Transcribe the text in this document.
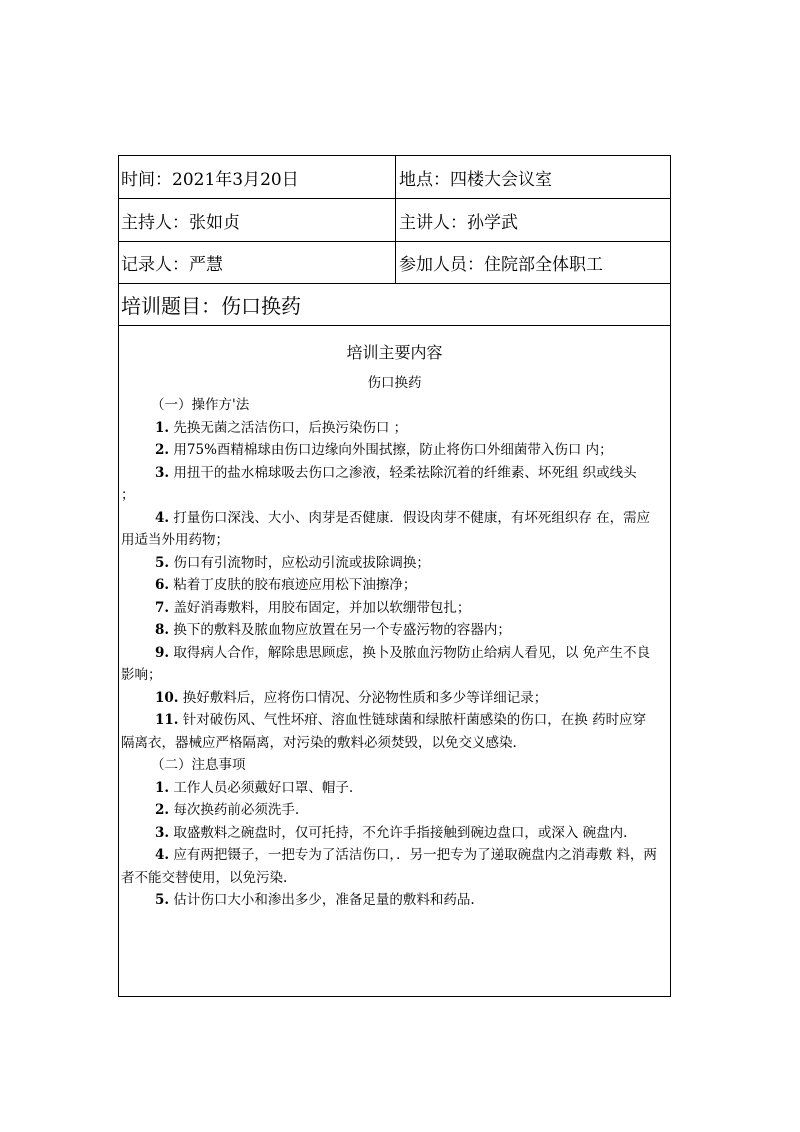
时间：2021年3月20日	地点：四楼大会议室
主持人：张如贞	主讲人：孙学武
记录人：严慧	参加人员：住院部全体职工
培训题目：伤口换药
培训主要内容
伤口换药
（一）操作方'法
1. 先换无菌之活洁伤口，后换污染伤口 ；
2. 用75%酉精棉球由伤口边缘向外围拭擦，防止将伤口外细菌带入伤口 内；
3. 用扭干的盐水棉球吸去伤口之渗液，轻柔祛除沉着的纤维素、坏死组 织或线头
；
4. 打量伤口深浅、大小、肉芽是否健康．假设肉芽不健康，有坏死组织存 在，需应
用适当外用药物；
5. 伤口有引流物时，应松动引流或拔除调换；
6. 粘着丁皮肤的胶布痕迹应用松下油擦净；
7. 盖好消毒敷料，用胶布固定，并加以软绷带包扎；
8. 换下的敷料及脓血物应放置在另一个专盛污物的容器内；
9. 取得病人合作，解除患思顾虑，换卜及脓血污物防止给病人看见，以 免产生不良
影响；
10. 换好敷料后，应将伤口情况、分泌物性质和多少等详细记录；
11. 针对破伤风、气性坏疳、溶血性链球菌和绿脓杆菌感染的伤口，在换 药时应穿
隔离衣，器械应严格隔离，对污染的敷料必须焚毁，以免交义感染.
（二）注息事项
1. 工作人员必须戴好口罩、帽子.
2. 每次换药前必须洗手.
3. 取盛敷料之碗盘时，仅可托持，不允许手指接触到碗边盘口，或深入 碗盘内.
4. 应有两把镊子，一把专为了活洁伤口，．另一把专为了递取碗盘内之消毒敷 料，两
者不能交替使用，以免污染.
5. 估计伤口大小和渗出多少，准备足量的敷料和药品.
